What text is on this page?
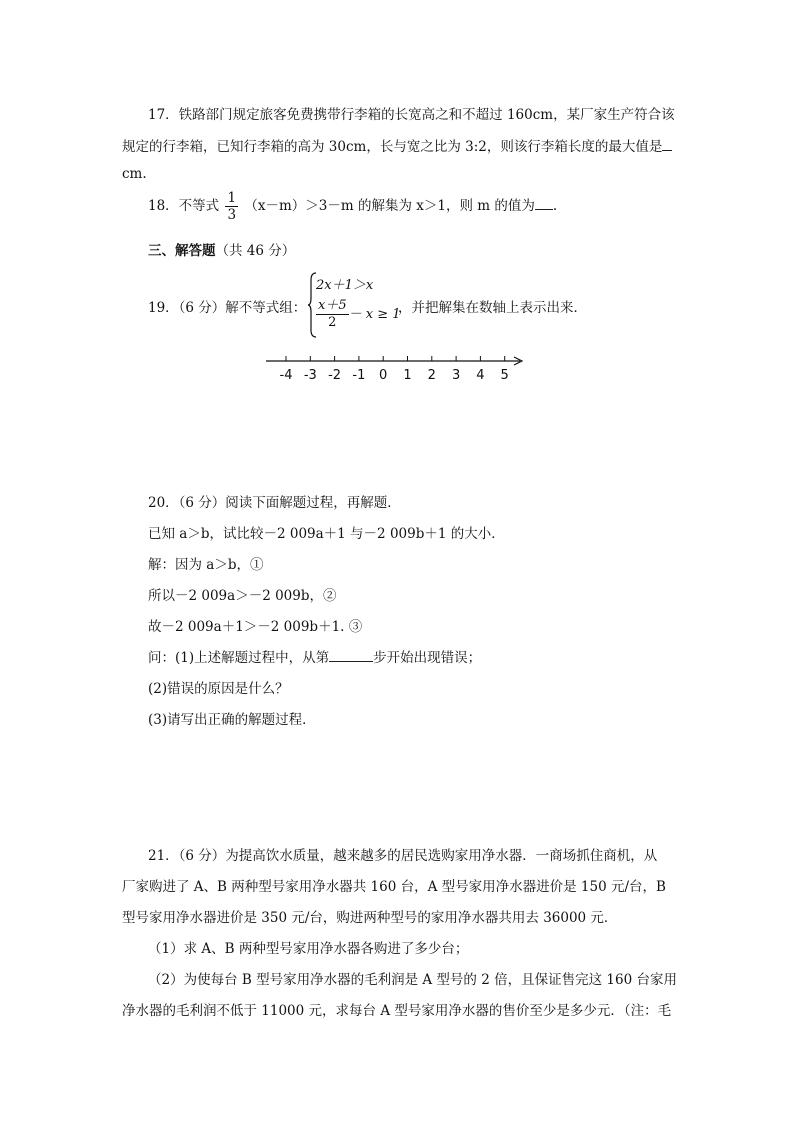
17．铁路部门规定旅客免费携带行李箱的长宽高之和不超过 160cm，某厂家生产符合该
规定的行李箱，已知行李箱的高为 30cm，长与宽之比为 3:2，则该行李箱长度的最大值是
cm.
18．不等式 $\frac{1}{3} (x-m)>3-m$ 的解集为 x＞1，则 m 的值为 .
三、解答题（共 46 分）
19．（6 分）解不等式组：
2x＋1＞x
$\frac{x+5}{2} - x \ge 1$
，并把解集在数轴上表示出来．
-4 -3 -2 -1 0 1 2 3 4 5
20．（6 分）阅读下面解题过程，再解题．
已知 a＞b，试比较－2 009a＋1 与－2 009b＋1 的大小．
解：因为 a＞b，①
所以－2 009a＞－2 009b，②
故－2 009a＋1＞－2 009b＋1. ③
问：(1)上述解题过程中，从第	步开始出现错误；
(2)错误的原因是什么？
(3)请写出正确的解题过程．
21．（6 分）为提高饮水质量，越来越多的居民选购家用净水器．一商场抓住商机，从
厂家购进了 A、B 两种型号家用净水器共 160 台，A 型号家用净水器进价是 150 元/台，B
型号家用净水器进价是 350 元/台，购进两种型号的家用净水器共用去 36000 元．
（1）求 A、B 两种型号家用净水器各购进了多少台；
（2）为使每台 B 型号家用净水器的毛利润是 A 型号的 2 倍，且保证售完这 160 台家用
净水器的毛利润不低于 11000 元，求每台 A 型号家用净水器的售价至少是多少元．（注：毛
